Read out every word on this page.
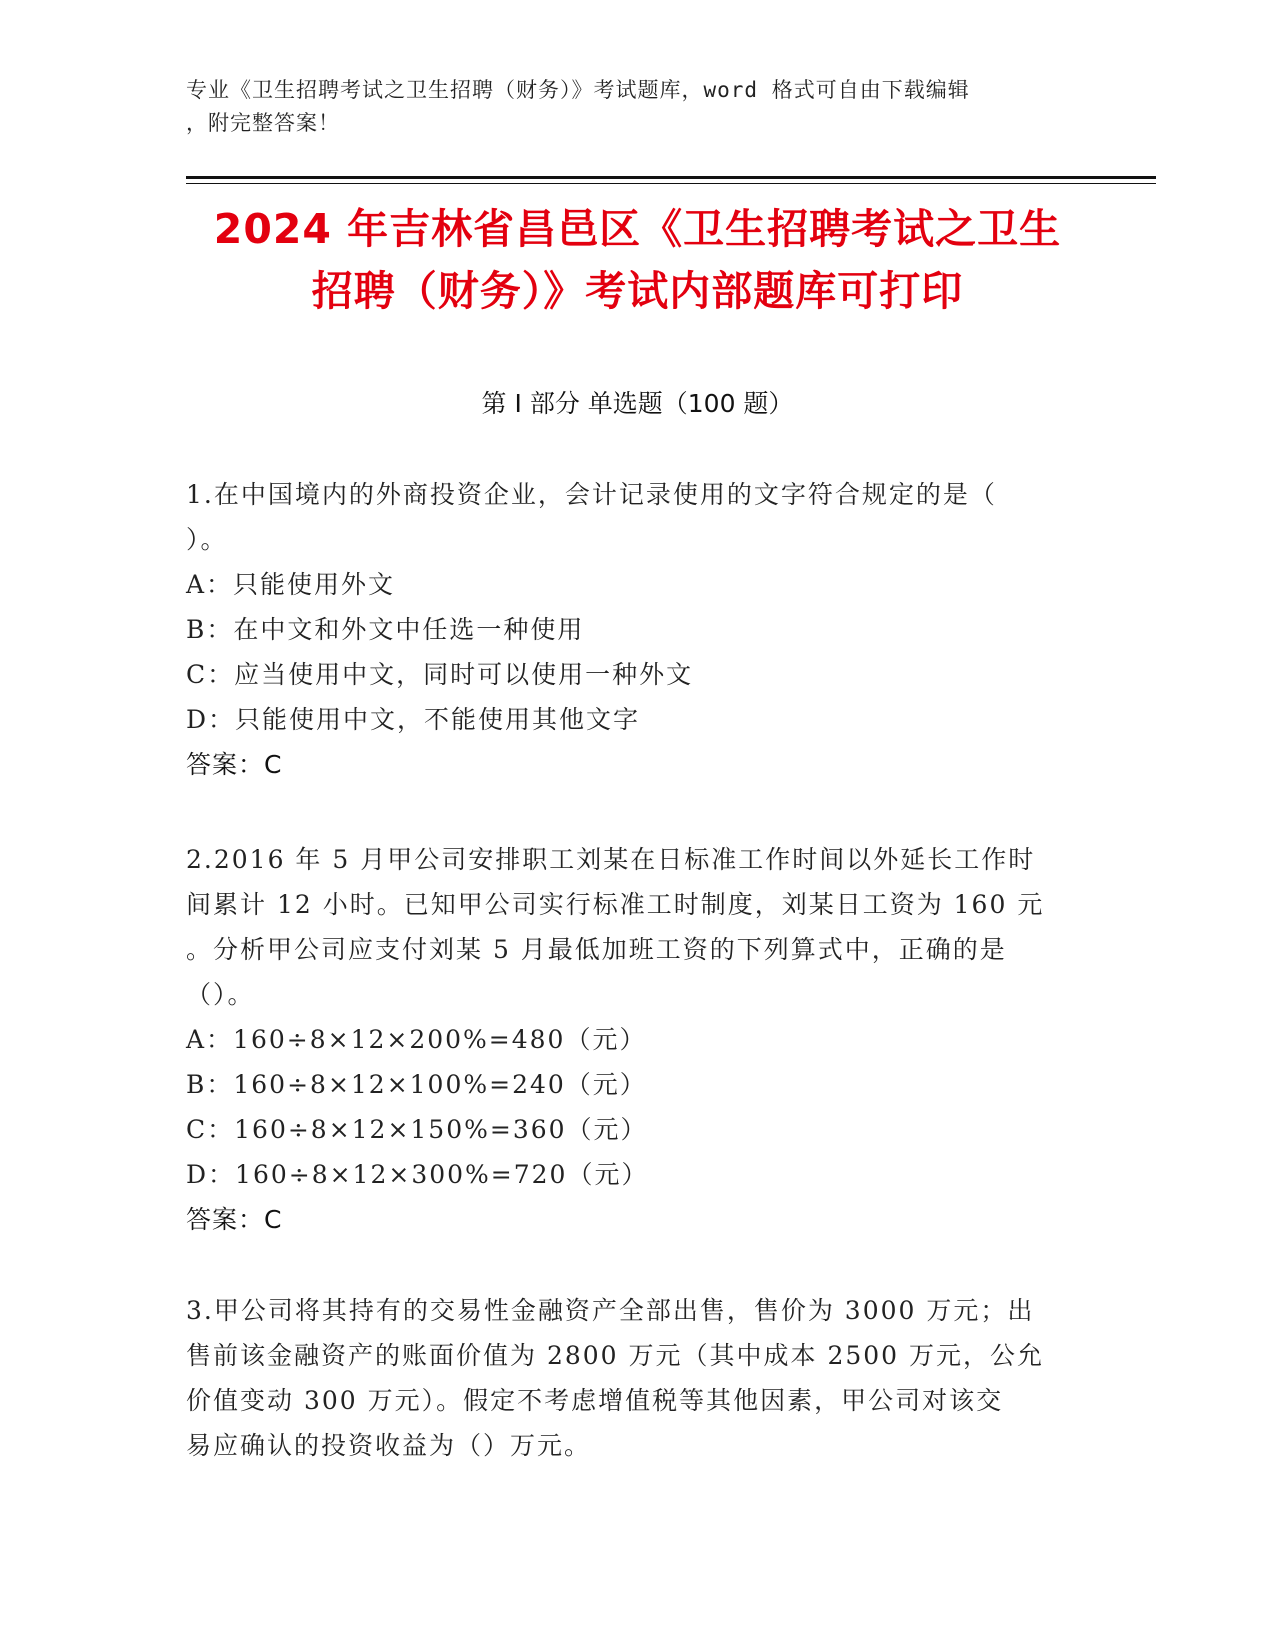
专业《卫生招聘考试之卫生招聘（财务）》考试题库，word 格式可自由下载编辑
，附完整答案！
2024 年吉林省昌邑区《卫生招聘考试之卫生
招聘（财务）》考试内部题库可打印
第 I 部分 单选题（100 题）
1.在中国境内的外商投资企业，会计记录使用的文字符合规定的是（
）。
A：只能使用外文
B：在中文和外文中任选一种使用
C：应当使用中文，同时可以使用一种外文
D：只能使用中文，不能使用其他文字
答案：C
2.2016 年 5 月甲公司安排职工刘某在日标准工作时间以外延长工作时
间累计 12 小时。已知甲公司实行标准工时制度，刘某日工资为 160 元
。分析甲公司应支付刘某 5 月最低加班工资的下列算式中，正确的是
（）。
A：160÷8×12×200%=480（元）
B：160÷8×12×100%=240（元）
C：160÷8×12×150%=360（元）
D：160÷8×12×300%=720（元）
答案：C
3.甲公司将其持有的交易性金融资产全部出售，售价为 3000 万元；出
售前该金融资产的账面价值为 2800 万元（其中成本 2500 万元，公允
价值变动 300 万元）。假定不考虑增值税等其他因素，甲公司对该交
易应确认的投资收益为（）万元。
